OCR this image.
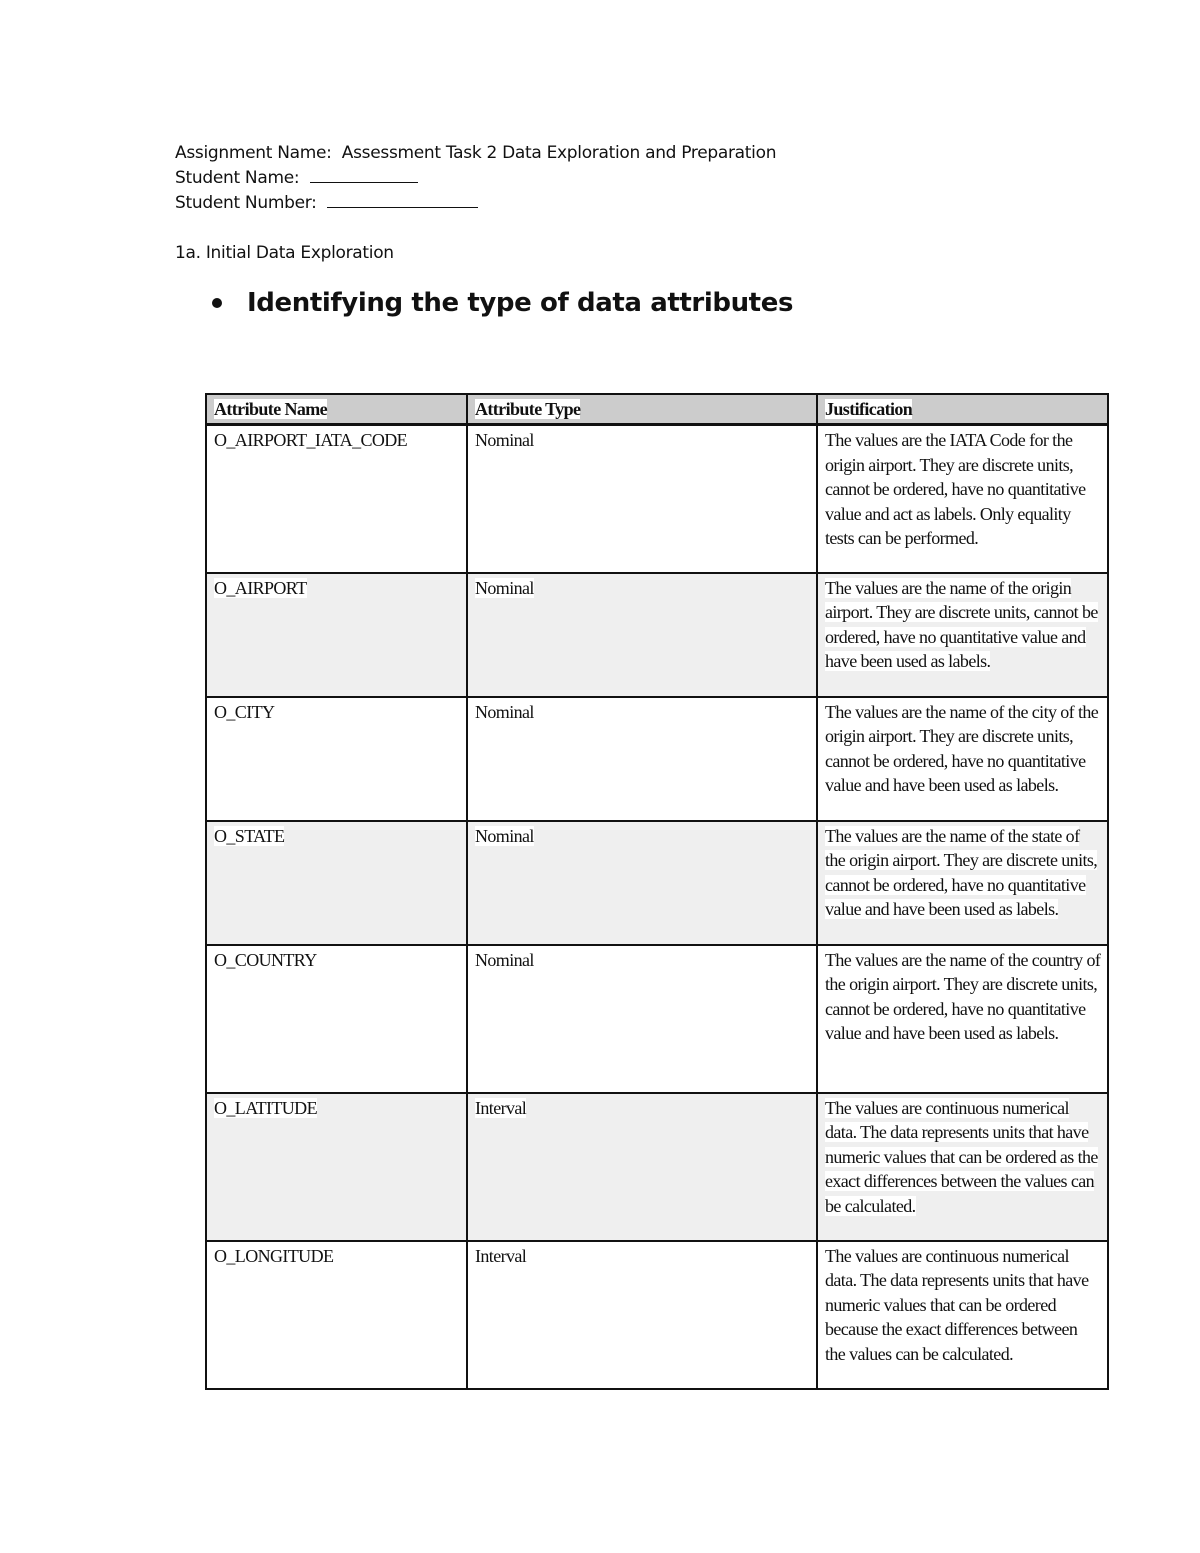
Assignment Name: Assessment Task 2 Data Exploration and Preparation
Student Name:
Student Number:
1a. Initial Data Exploration
Identifying the type of data attributes
Attribute Name	Attribute Type	Justification
O_AIRPORT_IATA_CODE	Nominal	The values are the IATA Code for the origin airport. They are discrete units, cannot be ordered, have no quantitative value and act as labels. Only equality tests can be performed.
O_AIRPORT	Nominal	The values are the name of the origin airport. They are discrete units, cannot be ordered, have no quantitative value and have been used as labels.
O_CITY	Nominal	The values are the name of the city of the origin airport. They are discrete units, cannot be ordered, have no quantitative value and have been used as labels.
O_STATE	Nominal	The values are the name of the state of the origin airport. They are discrete units, cannot be ordered, have no quantitative value and have been used as labels.
O_COUNTRY	Nominal	The values are the name of the country of the origin airport. They are discrete units, cannot be ordered, have no quantitative value and have been used as labels.
O_LATITUDE	Interval	The values are continuous numerical data. The data represents units that have numeric values that can be ordered as the exact differences between the values can be calculated.
O_LONGITUDE	Interval	The values are continuous numerical data. The data represents units that have numeric values that can be ordered because the exact differences between the values can be calculated.
